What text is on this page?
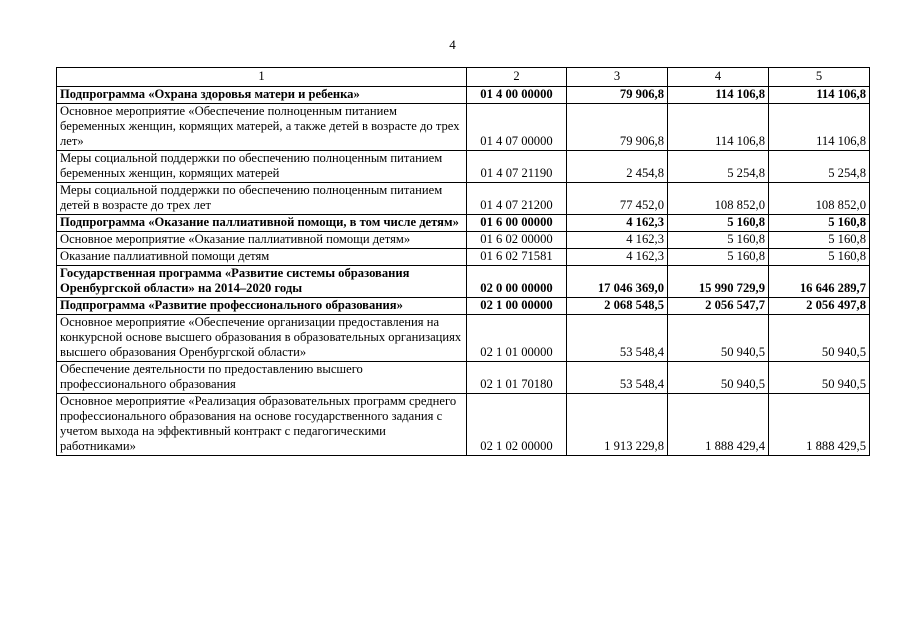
4
1	2	3	4	5
Подпрограмма «Охрана здоровья матери и ребенка»	01 4 00 00000	79 906,8	114 106,8	114 106,8
Основное мероприятие «Обеспечение полноценным питанием беременных женщин, кормящих матерей, а также детей в возрасте до трех лет»	01 4 07 00000	79 906,8	114 106,8	114 106,8
Меры социальной поддержки по обеспечению полноценным питанием беременных женщин, кормящих матерей	01 4 07 21190	2 454,8	5 254,8	5 254,8
Меры социальной поддержки по обеспечению полноценным питанием детей в возрасте до трех лет	01 4 07 21200	77 452,0	108 852,0	108 852,0
Подпрограмма «Оказание паллиативной помощи, в том числе детям»	01 6 00 00000	4 162,3	5 160,8	5 160,8
Основное мероприятие «Оказание паллиативной помощи детям»	01 6 02 00000	4 162,3	5 160,8	5 160,8
Оказание паллиативной помощи детям	01 6 02 71581	4 162,3	5 160,8	5 160,8
Государственная программа «Развитие системы образования Оренбургской области» на 2014–2020 годы	02 0 00 00000	17 046 369,0	15 990 729,9	16 646 289,7
Подпрограмма «Развитие профессионального образования»	02 1 00 00000	2 068 548,5	2 056 547,7	2 056 497,8
Основное мероприятие «Обеспечение организации предоставления на конкурсной основе высшего образования в образовательных организациях высшего образования Оренбургской области»	02 1 01 00000	53 548,4	50 940,5	50 940,5
Обеспечение деятельности по предоставлению высшего профессионального образования	02 1 01 70180	53 548,4	50 940,5	50 940,5
Основное мероприятие «Реализация образовательных программ среднего профессионального образования на основе государственного задания с учетом выхода на эффективный контракт с педагогическими работниками»	02 1 02 00000	1 913 229,8	1 888 429,4	1 888 429,5
